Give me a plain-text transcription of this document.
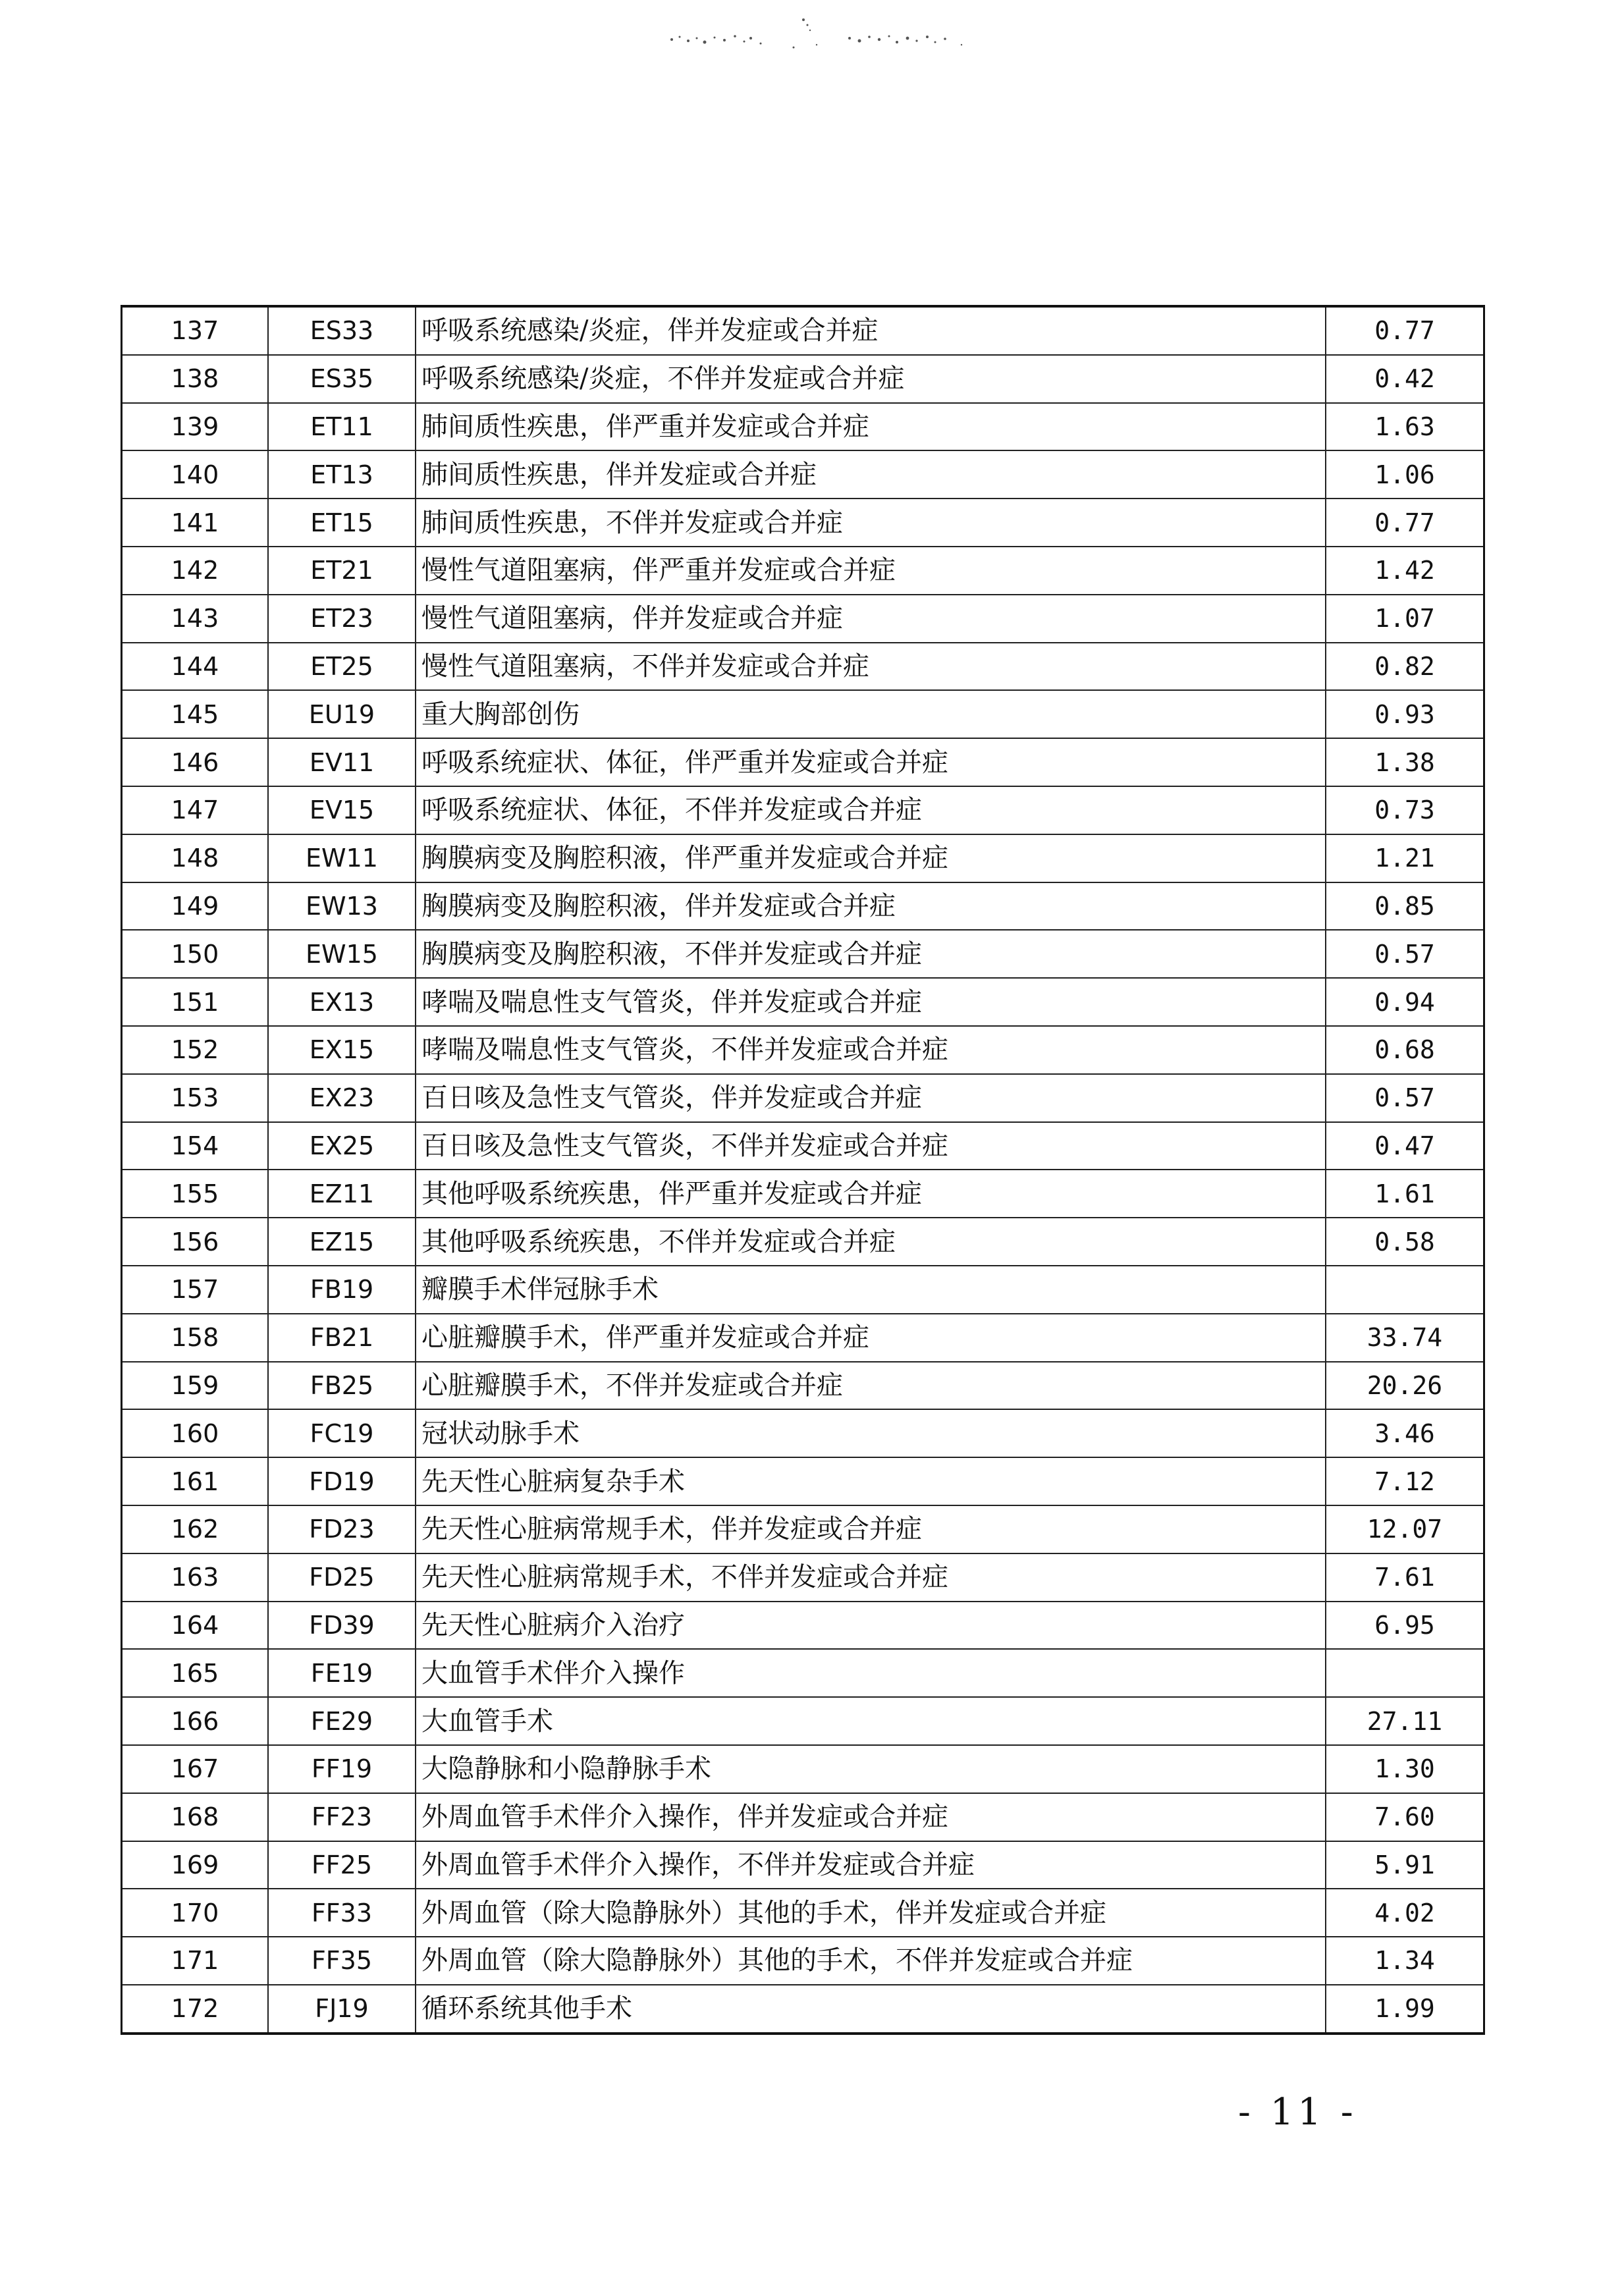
137	ES33	呼吸系统感染/炎症，伴并发症或合并症	0.77
138	ES35	呼吸系统感染/炎症，不伴并发症或合并症	0.42
139	ET11	肺间质性疾患，伴严重并发症或合并症	1.63
140	ET13	肺间质性疾患，伴并发症或合并症	1.06
141	ET15	肺间质性疾患，不伴并发症或合并症	0.77
142	ET21	慢性气道阻塞病，伴严重并发症或合并症	1.42
143	ET23	慢性气道阻塞病，伴并发症或合并症	1.07
144	ET25	慢性气道阻塞病，不伴并发症或合并症	0.82
145	EU19	重大胸部创伤	0.93
146	EV11	呼吸系统症状、体征，伴严重并发症或合并症	1.38
147	EV15	呼吸系统症状、体征，不伴并发症或合并症	0.73
148	EW11	胸膜病变及胸腔积液，伴严重并发症或合并症	1.21
149	EW13	胸膜病变及胸腔积液，伴并发症或合并症	0.85
150	EW15	胸膜病变及胸腔积液，不伴并发症或合并症	0.57
151	EX13	哮喘及喘息性支气管炎，伴并发症或合并症	0.94
152	EX15	哮喘及喘息性支气管炎，不伴并发症或合并症	0.68
153	EX23	百日咳及急性支气管炎，伴并发症或合并症	0.57
154	EX25	百日咳及急性支气管炎，不伴并发症或合并症	0.47
155	EZ11	其他呼吸系统疾患，伴严重并发症或合并症	1.61
156	EZ15	其他呼吸系统疾患，不伴并发症或合并症	0.58
157	FB19	瓣膜手术伴冠脉手术	
158	FB21	心脏瓣膜手术，伴严重并发症或合并症	33.74
159	FB25	心脏瓣膜手术，不伴并发症或合并症	20.26
160	FC19	冠状动脉手术	3.46
161	FD19	先天性心脏病复杂手术	7.12
162	FD23	先天性心脏病常规手术，伴并发症或合并症	12.07
163	FD25	先天性心脏病常规手术，不伴并发症或合并症	7.61
164	FD39	先天性心脏病介入治疗	6.95
165	FE19	大血管手术伴介入操作	
166	FE29	大血管手术	27.11
167	FF19	大隐静脉和小隐静脉手术	1.30
168	FF23	外周血管手术伴介入操作，伴并发症或合并症	7.60
169	FF25	外周血管手术伴介入操作，不伴并发症或合并症	5.91
170	FF33	外周血管（除大隐静脉外）其他的手术，伴并发症或合并症	4.02
171	FF35	外周血管（除大隐静脉外）其他的手术，不伴并发症或合并症	1.34
172	FJ19	循环系统其他手术	1.99
- 11 -
